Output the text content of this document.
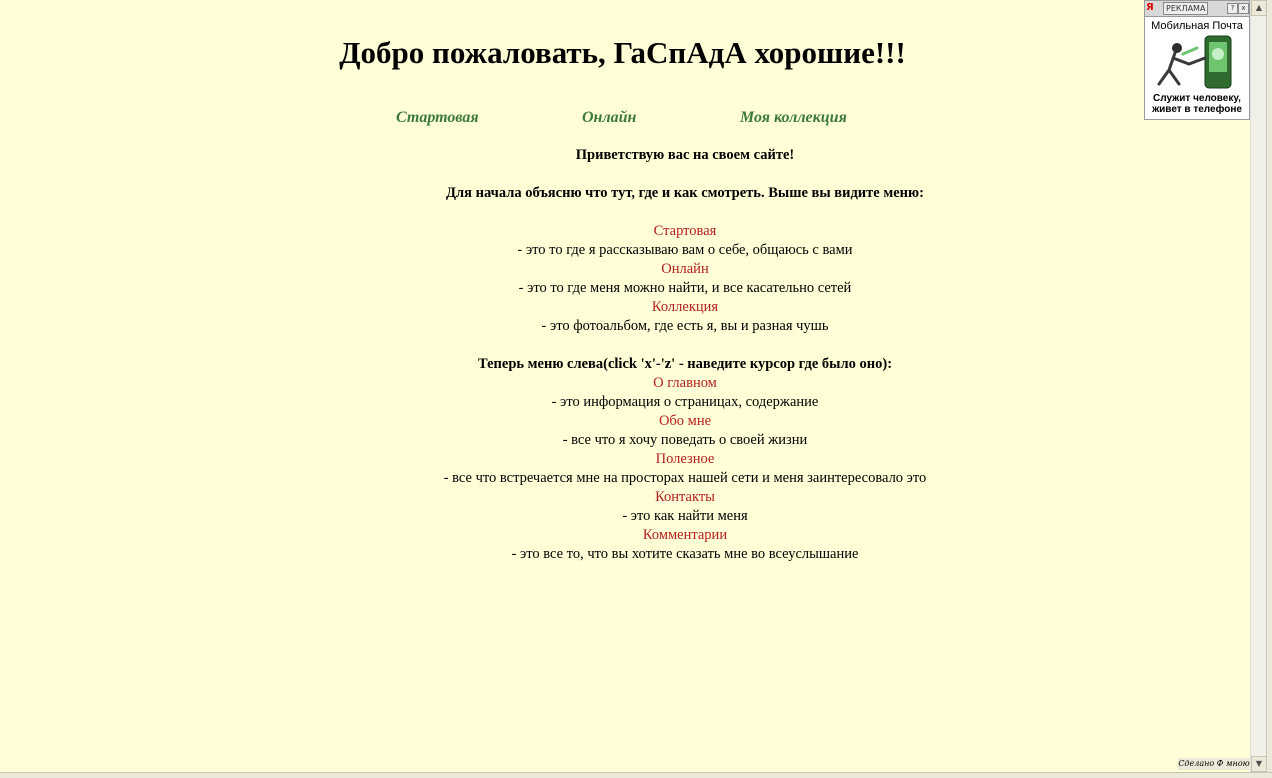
Добро пожаловать, ГаСпАдА хорошие!!!
Стартовая	Онлайн	Моя коллекция
Приветствую вас на своем сайте!
Для начала объясню что тут, где и как смотреть. Выше вы видите меню:
Стартовая
- это то где я рассказываю вам о себе, общаюсь с вами
Онлайн
- это то где меня можно найти, и все касательно сетей
Коллекция
- это фотоальбом, где есть я, вы и разная чушь
Теперь меню слева(click 'x'-'z' - наведите курсор где было оно):
О главном
- это информация о страницах, содержание
Обо мне
- все что я хочу поведать о своей жизни
Полезное
- все что встречается мне на просторах нашей сети и меня заинтересовало это
Контакты
- это как найти меня
Комментарии
- это все то, что вы хотите сказать мне во всеуслышание
Я	РЕКЛАМА	?	x
Мобильная Почта
Служит человеку,
живет в телефоне
Сделано Ф мною
▲
▼
